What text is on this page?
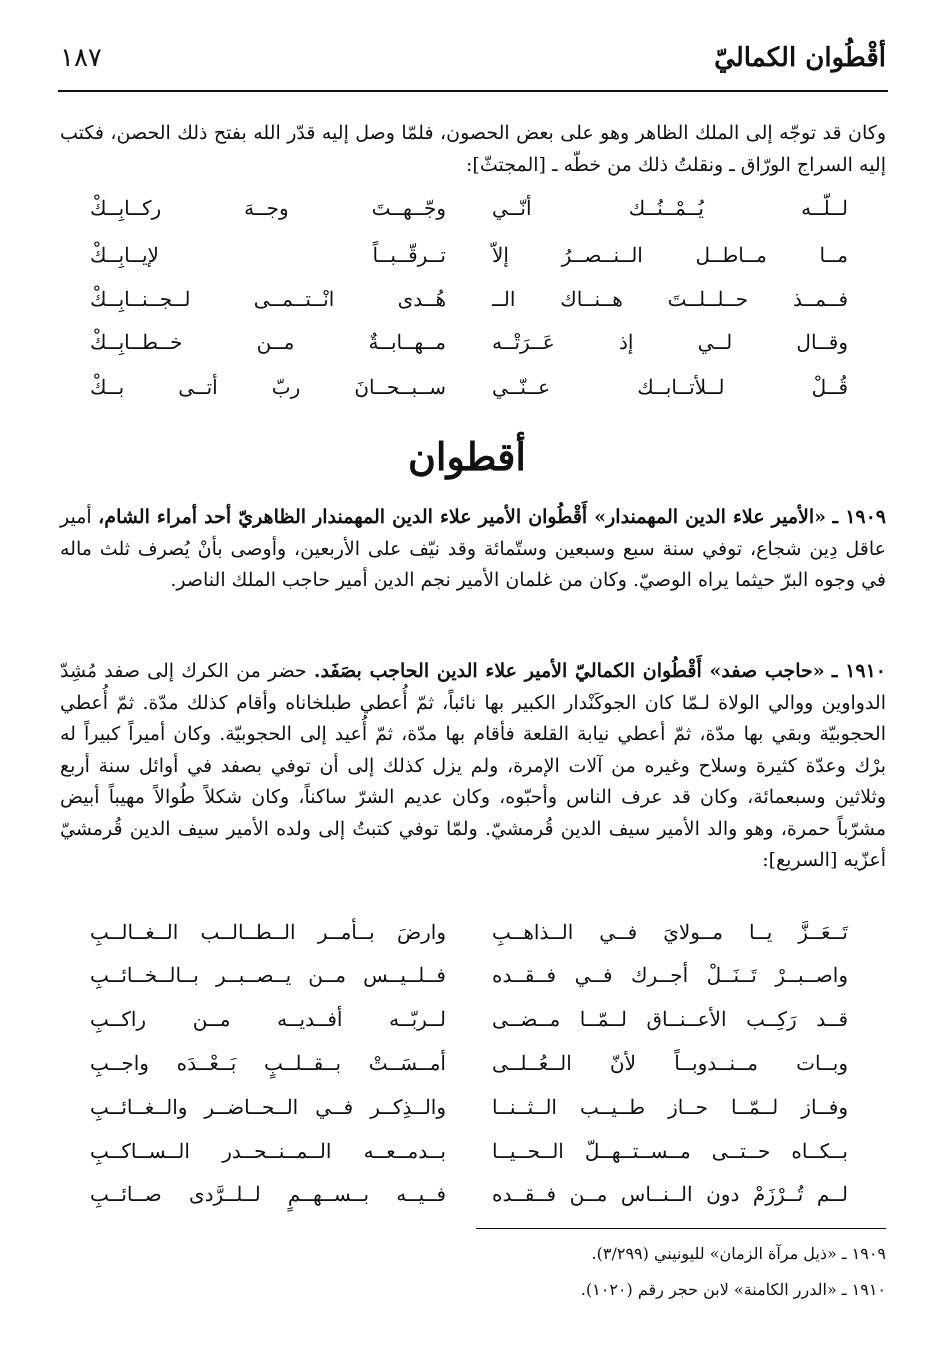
أقْطُوان الكماليّ
١٨٧
وكان قد توجّه إلى الملك الظاهر وهو على بعض الحصون، فلمّا وصل إليه قدّر الله بفتح ذلك الحصن، فكتب إليه السراج الورّاق ـ ونقلتُ ذلك من خطّه ـ [المجتثّ]:
لــلّــه يُــمْــنُــك أنّــي
وجّــهــتَ وجــهَ ركــابِــكْ
مــا مــاطــل الــنــصــرُ إلاّ
تــرقّــبــاً لإيــابِــكْ
فــمــذ حــلــلــتَ هــنــاك الــ
هُــدى انْــتــمــى لــجــنــابِــكْ
وقــال لــي إذ عَــرَتْــه
مــهــابــةٌ مــن خــطــابِــكْ
قُــلْ لــلأتــابــك عــنّــي
ســبــحــانَ ربّ أتــى بــكْ
أقطوان
١٩٠٩ ـ «الأمير علاء الدين المهمندار» أَقْطُوان الأمير علاء الدين المهمندار الظاهريّ أحد أمراء الشام، أمير عاقل دِين شجاع، توفي سنة سبع وسبعين وستّمائة وقد نيّف على الأربعين، وأوصى بأنْ يُصرف ثلث ماله في وجوه البرّ حيثما يراه الوصيّ. وكان من غلمان الأمير نجم الدين أمير حاجب الملك الناصر.
١٩١٠ ـ «حاجب صفد» أَقْطُوان الكماليّ الأمير علاء الدين الحاجب بصَفَد. حضر من الكرك إلى صفد مُشِدّ الدواوين ووالي الولاة لـمّا كان الجوكَنْدار الكبير بها نائباً، ثمّ أُعطي طبلخاناه وأقام كذلك مدّة. ثمّ أُعطي الحجوبيّة وبقي بها مدّة، ثمّ أعطي نيابة القلعة فأقام بها مدّة، ثمّ أُعيد إلى الحجوبيّة. وكان أميراً كبيراً له برْك وعدّة كثيرة وسلاح وغيره من آلات الإمرة، ولم يزل كذلك إلى أن توفي بصفد في أوائل سنة أربع وثلاثين وسبعمائة، وكان قد عرف الناس وأحبّوه، وكان عديم الشرّ ساكناً، وكان شكلاً طُوالاً مهيباً أبيض مشرّباً حمرة، وهو والد الأمير سيف الدين قُرمشيّ. ولمّا توفي كتبتُ إلى ولده الأمير سيف الدين قُرمشيّ أعزّيه [السريع]:
تَــعَــزَّ يــا مــولايَ فــي الــذاهــبِ
وارضَ بــأمــر الــطــالــب الــغــالــبِ
واصــبــرْ تَــنَــلْ أجــرك فــي فــقــده
فــلــيــس مــن يــصــبــر بــالــخــائــبِ
قــد رَكِــب الأعــنــاق لــمّــا مــضــى
لــربّــه أفــديــه مــن راكــبِ
وبــات مــنــدوبــاً لأنّ الــعُــلــى
أمــسَــتْ بــقــلــبٍ بَــعْــدَه واجــبِ
وفــاز لــمّــا حــاز طــيــب الــثــنــا
والــذِكــر فــي الــحــاضــر والــغــائــبِ
بــكــاه حــتــى مــســتــهــلّ الــحــيــا
بــدمــعــه الــمــنــحــدر الــســاكــبِ
لــم تُــرْزَمْ دون الــنــاس مــن فــقــده
فــيــه بــســهــمٍ لــلــرَّدى صــائــبِ
١٩٠٩ ـ «ذيل مرآة الزمان» لليونيني (٣/٢٩٩).
١٩١٠ ـ «الدرر الكامنة» لابن حجر رقم (١٠٢٠).
